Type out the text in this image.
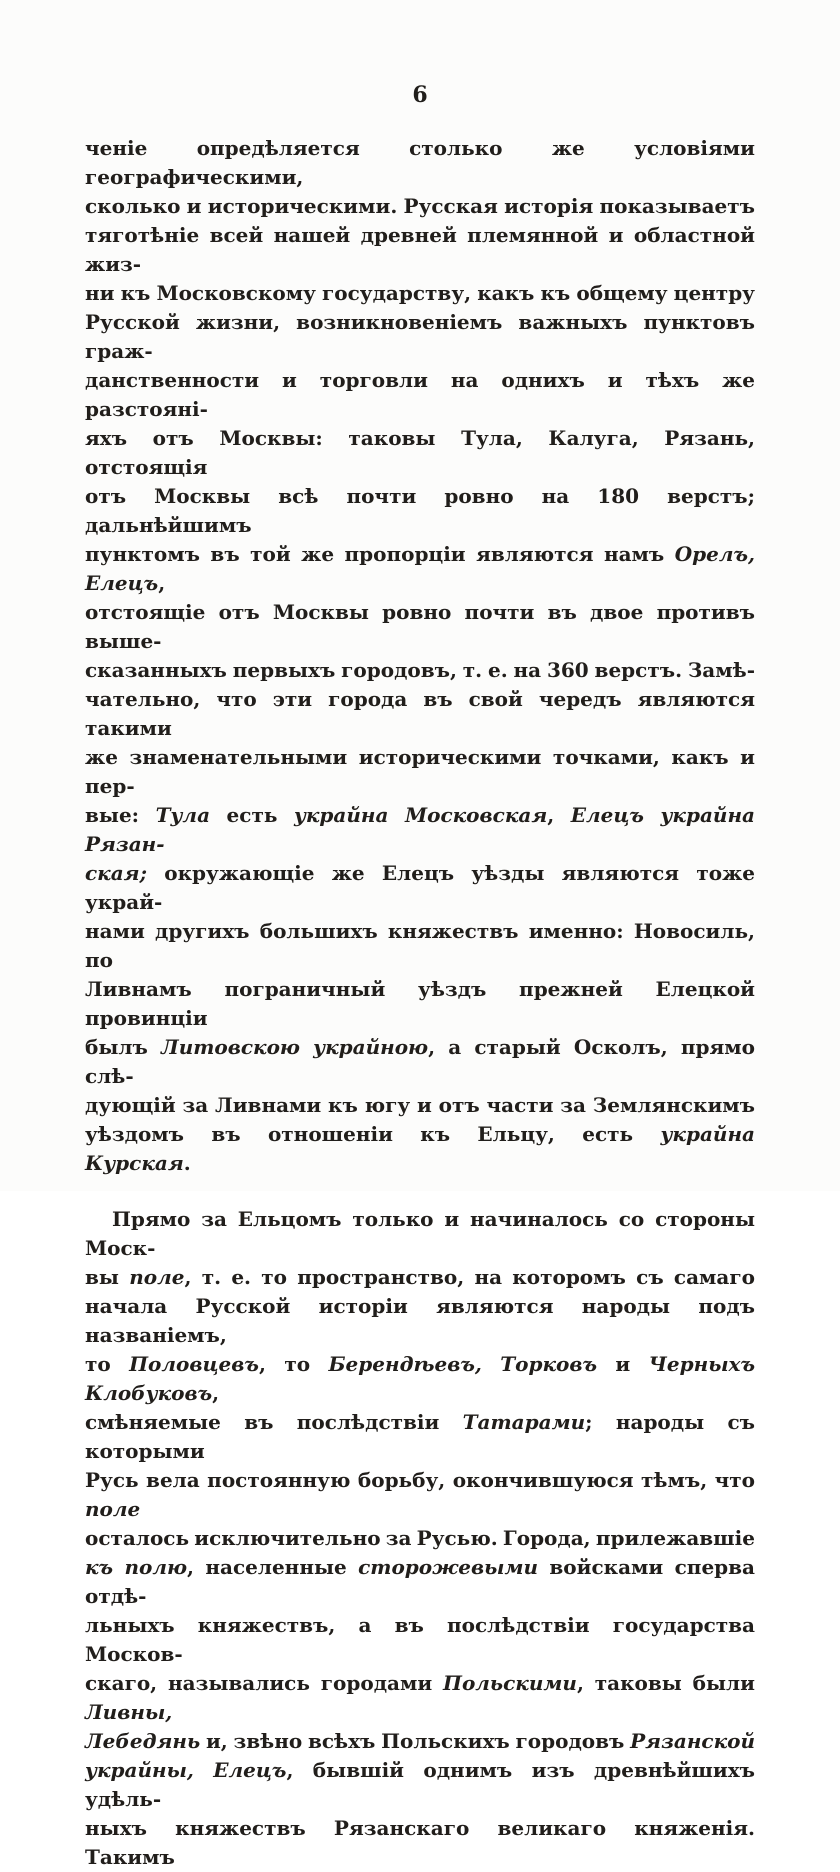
6
ченіе опредѣляется столько же условіями географическими,
сколько и историческими. Русская исторія показываетъ
тяготѣніе всей нашей древней племянной и областной жиз-
ни къ Московскому государству, какъ къ общему центру
Русской жизни, возникновеніемъ важныхъ пунктовъ граж-
данственности и торговли на однихъ и тѣхъ же разстояні-
яхъ отъ Москвы: таковы Тула, Калуга, Рязань, отстоящія
отъ Москвы всѣ почти ровно на 180 верстъ; дальнѣйшимъ
пунктомъ въ той же пропорціи являются намъ Орелъ, Елецъ,
отстоящіе отъ Москвы ровно почти въ двое противъ выше-
сказанныхъ первыхъ городовъ, т. е. на 360 верстъ. Замѣ-
чательно, что эти города въ свой чередъ являются такими
же знаменательными историческими точками, какъ и пер-
вые: Тула есть украйна Московская, Елецъ украйна Рязан-
ская; окружающіе же Елецъ уѣзды являются тоже украй-
нами другихъ большихъ княжествъ именно: Новосиль, по
Ливнамъ пограничный уѣздъ прежней Елецкой провинціи
былъ Литовскою украйною, а старый Осколъ, прямо слѣ-
дующій за Ливнами къ югу и отъ части за Землянскимъ
уѣздомъ въ отношеніи къ Ельцу, есть украйна Курская.
Прямо за Ельцомъ только и начиналось со стороны Моск-
вы поле, т. е. то пространство, на которомъ съ самаго
начала Русской исторіи являются народы подъ названіемъ,
то Половцевъ, то Берендѣевъ, Торковъ и Черныхъ Клобуковъ,
смѣняемые въ послѣдствіи Татарами; народы съ которыми
Русь вела постоянную борьбу, окончившуюся тѣмъ, что поле
осталось исключительно за Русью. Города, прилежавшіе
къ полю, населенные сторожевыми войсками сперва отдѣ-
льныхъ княжествъ, а въ послѣдствіи государства Москов-
скаго, назывались городами Польскими, таковы были Ливны,
Лебедянь и, звѣно всѣхъ Польскихъ городовъ Рязанской
украйны, Елецъ, бывшій однимъ изъ древнѣйшихъ удѣль-
ныхъ княжествъ Рязанскаго великаго княженія. Такимъ
